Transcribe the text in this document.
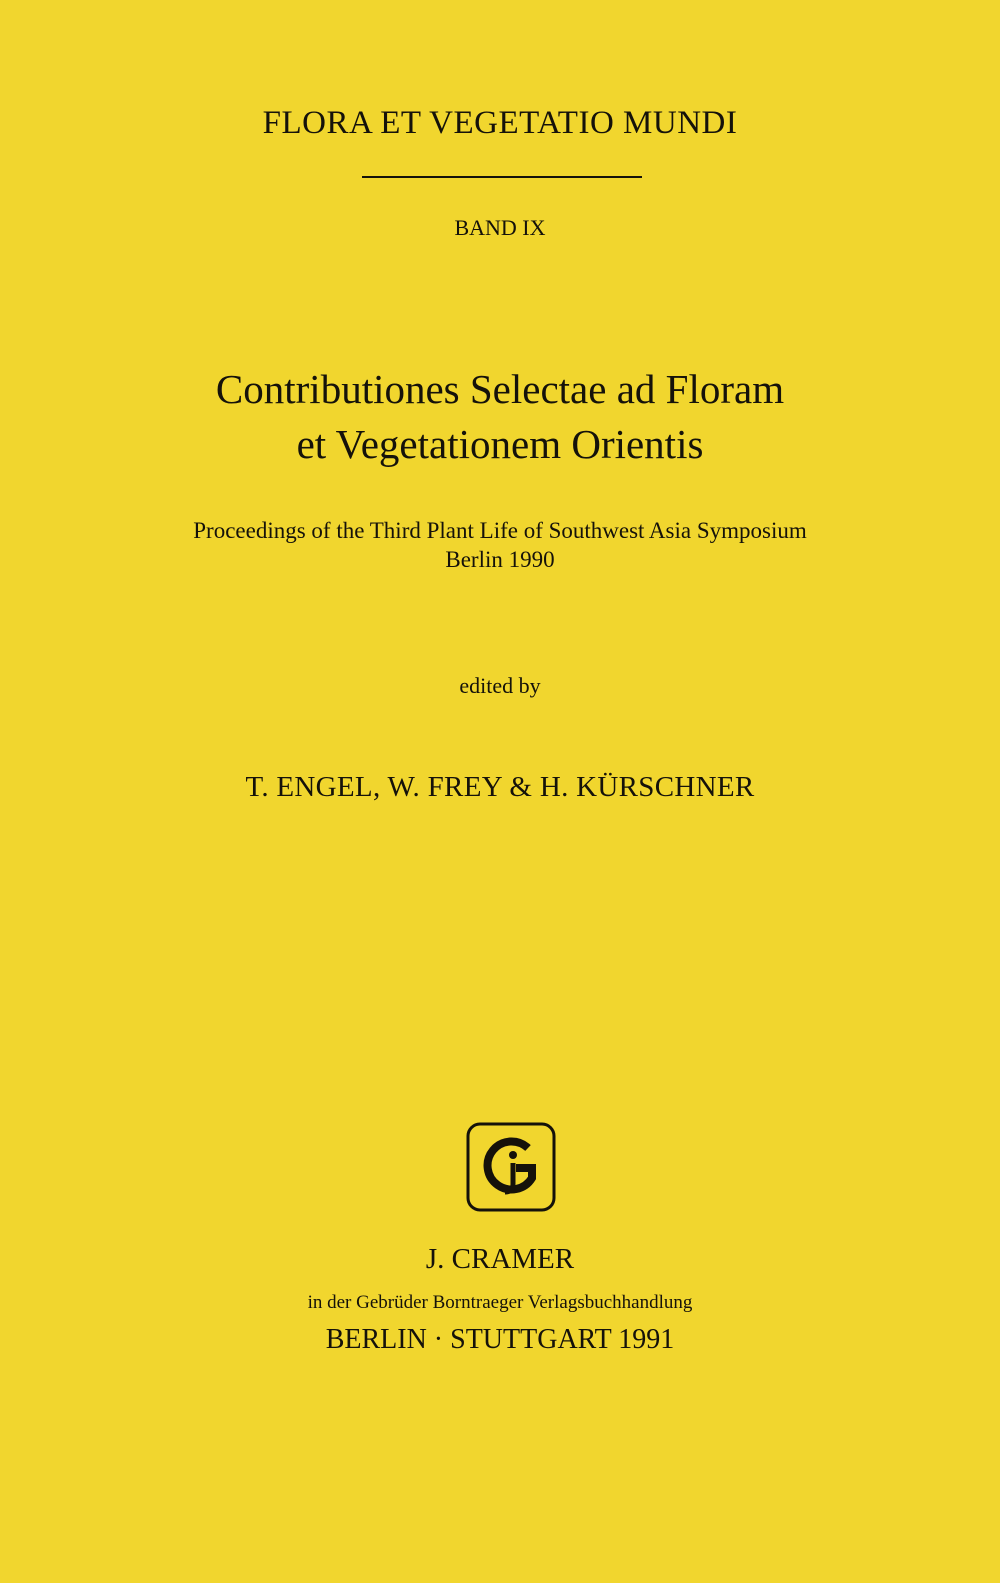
FLORA ET VEGETATIO MUNDI
BAND IX
Contributiones Selectae ad Floram
et Vegetationem Orientis
Proceedings of the Third Plant Life of Southwest Asia Symposium
Berlin 1990
edited by
T. ENGEL, W. FREY & H. KÜRSCHNER
J. CRAMER
in der Gebrüder Borntraeger Verlagsbuchhandlung
BERLIN · STUTTGART 1991
